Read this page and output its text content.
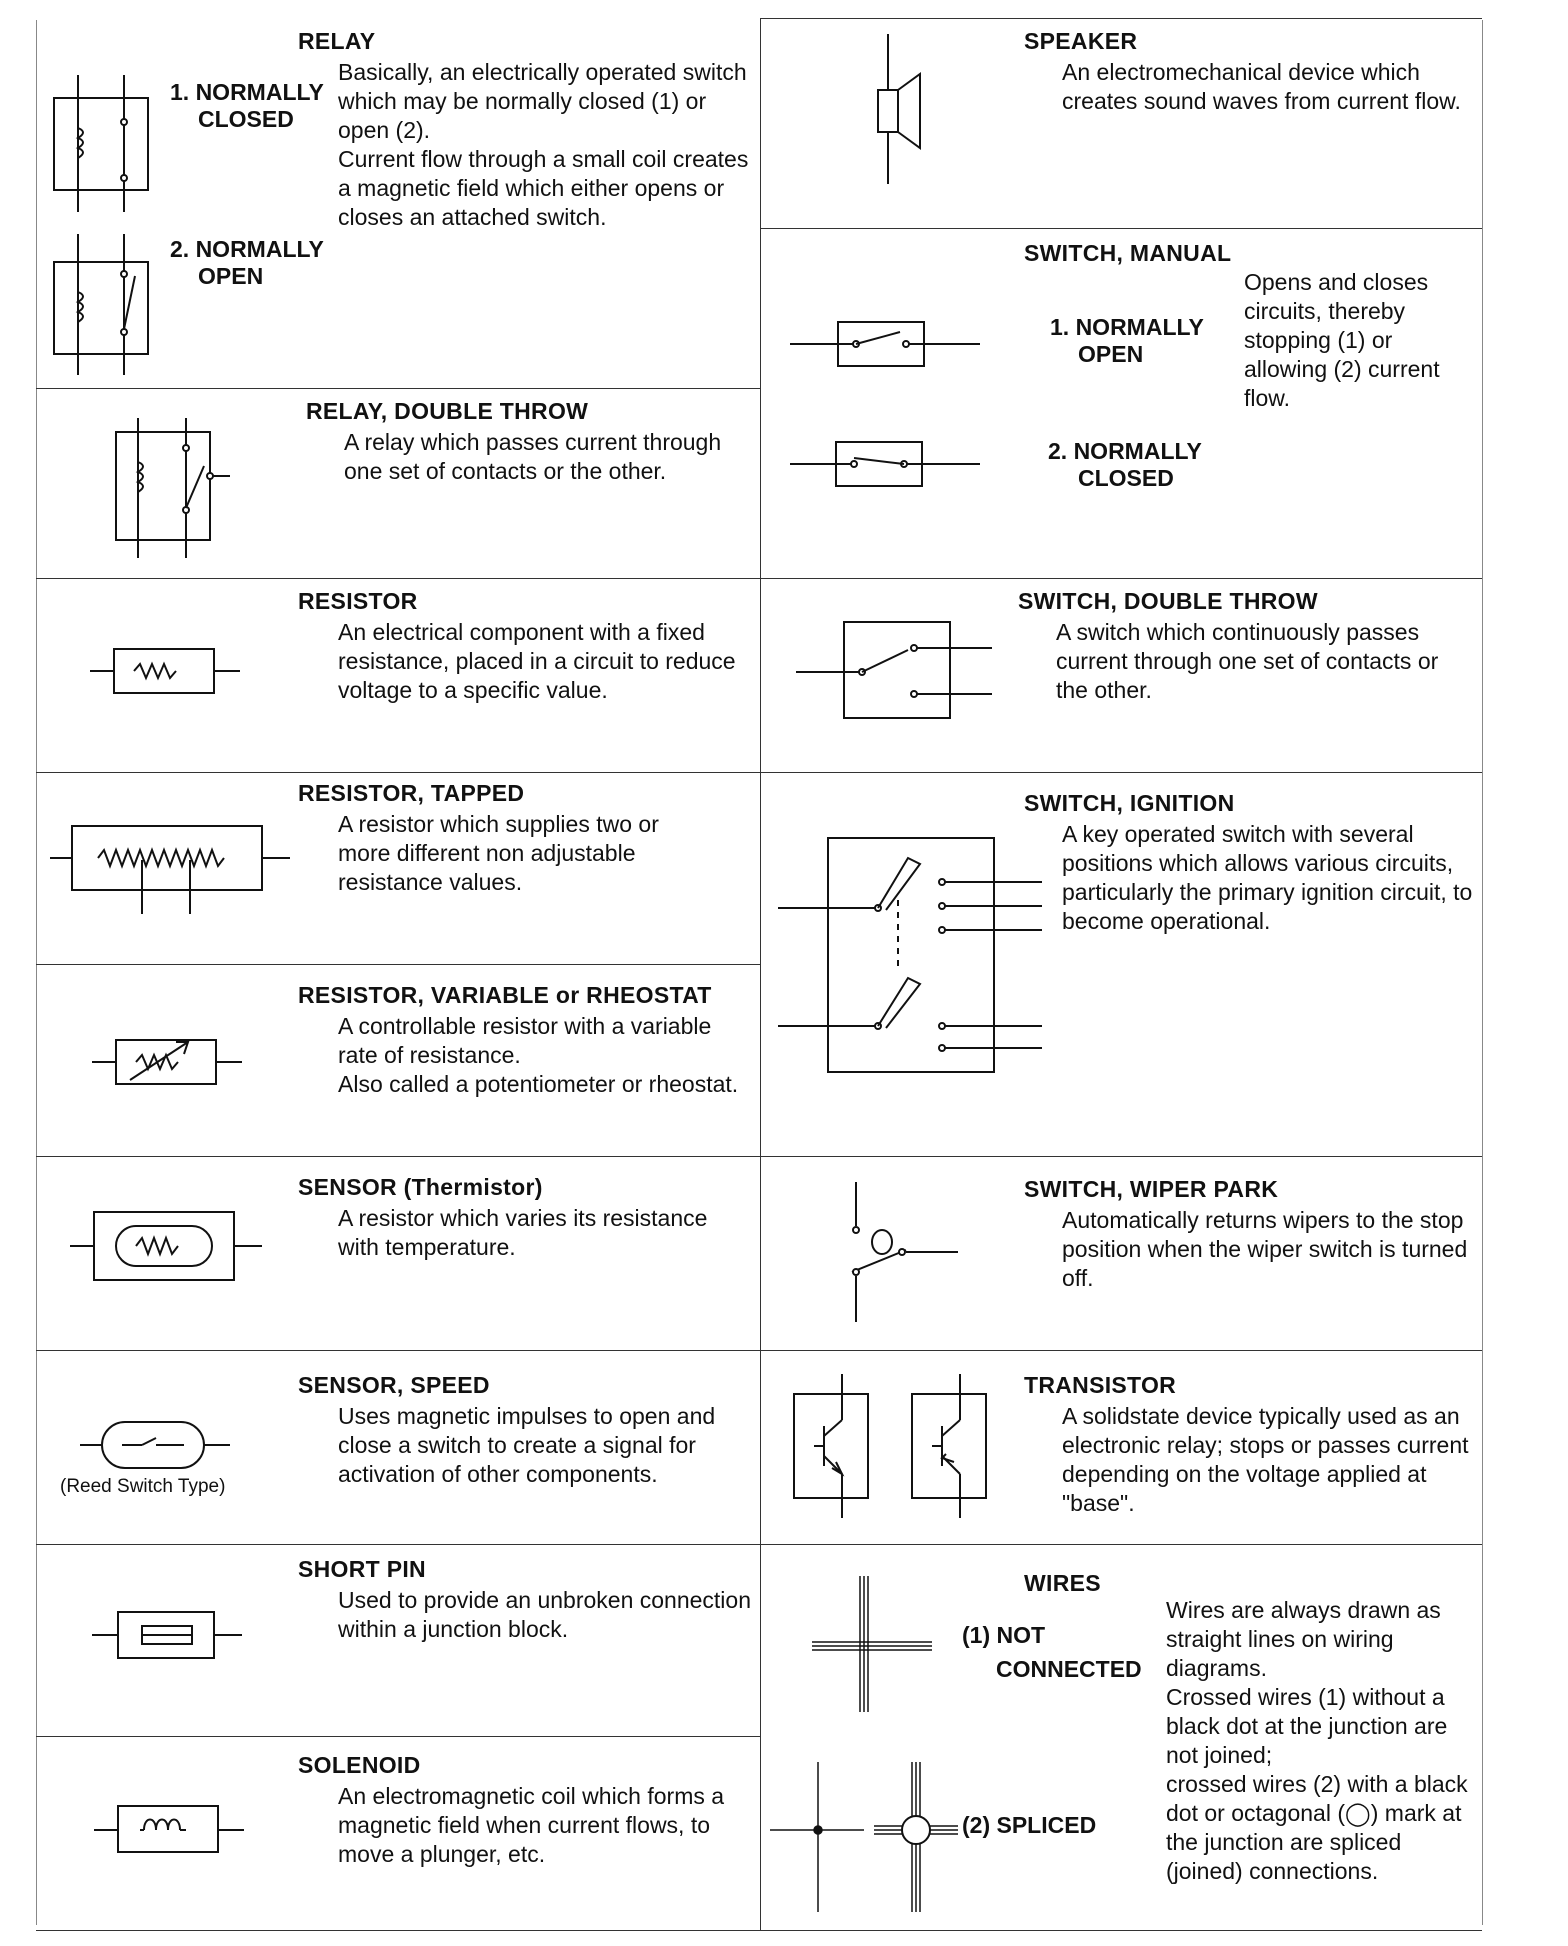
RELAY
1. NORMALLY
CLOSED
2. NORMALLY
OPEN

Basically, an electrically operated switch which may be normally closed (1) or open (2).

Current flow through a small coil creates a magnetic field which either opens or closes an attached switch.

RELAY, DOUBLE THROW

A relay which passes current through one set of contacts or the other.

RESISTOR

An electrical component with a fixed resistance, placed in a circuit to reduce voltage to a specific value.

RESISTOR, TAPPED

A resistor which supplies two or more different non adjustable resistance values.

RESISTOR, VARIABLE or RHEOSTAT

A controllable resistor with a variable rate of resistance.

Also called a potentiometer or rheostat.

SENSOR (Thermistor)

A resistor which varies its resistance with temperature.

SENSOR, SPEED

Uses magnetic impulses to open and close a switch to create a signal for activation of other components.

(Reed Switch Type)
SHORT PIN

Used to provide an unbroken connection within a junction block.

SOLENOID

An electromagnetic coil which forms a magnetic field when current flows, to move a plunger, etc.

SPEAKER

An electromechanical device which creates sound waves from current flow.

SWITCH, MANUAL
1. NORMALLY
OPEN
2. NORMALLY
CLOSED

Opens and closes circuits, thereby stopping (1) or allowing (2) current flow.

SWITCH, DOUBLE THROW

A switch which continuously passes current through one set of contacts or the other.

SWITCH, IGNITION

A key operated switch with several positions which allows various circuits, particularly the primary ignition circuit, to become operational.

SWITCH, WIPER PARK

Automatically returns wipers to the stop position when the wiper switch is turned off.

TRANSISTOR

A solidstate device typically used as an electronic relay; stops or passes current depending on the voltage applied at "base".

WIRES
(1) NOT
CONNECTED
(2) SPLICED

Wires are always drawn as straight lines on wiring diagrams.

Crossed wires (1) without a black dot at the junction are not joined;

crossed wires (2) with a black dot or octagonal (◯) mark at the junction are spliced (joined) connections.
